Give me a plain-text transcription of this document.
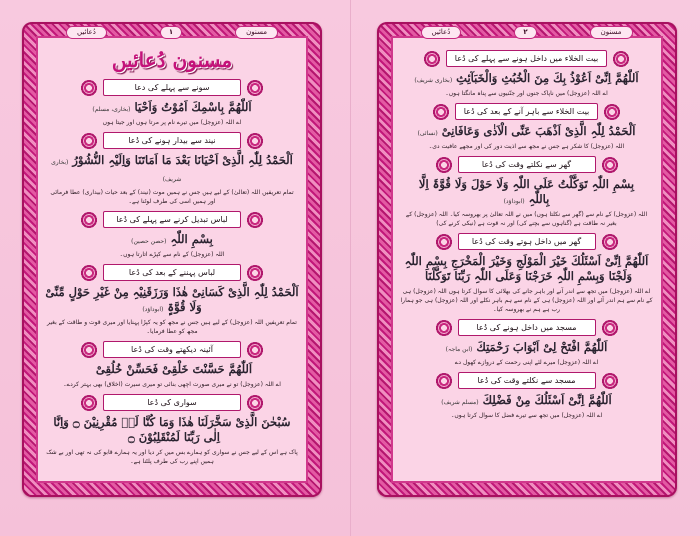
مسنون
۱
دُعائیں
مسنون دُعائیں
سونے سے پہلے کی دعا
اَللّٰھُمَّ بِاسْمِكَ اَمُوْتُ وَاَحْیَا(بخاری، مسلم)
اے اللہ (عزوجل) میں تیرے نام پر مرتا ہوں اور جیتا ہوں
نیند سے بیدار ہونے کی دُعا
اَلْحَمْدُ لِلّٰہِ الَّذِیْ اَحْیَانَا بَعْدَ مَا اَمَاتَنَا وَاِلَیْہِ النُّشُوْرُ(بخاری شریف)
تمام تعریفیں اللہ (تعالیٰ) کے لیے ہیں جس نے ہمیں موت (نیند) کے بعد حیات (بیداری) عطا فرمائی اور ہمیں اسی کی طرف لوٹنا ہے۔
لباس تبدیل کرنے سے پہلے کی دُعا
بِسْمِ اللّٰہِ(حصن حصین)
اللہ (عزوجل) کے نام سے کپڑے اتارتا ہوں۔
لباس پہننے کے بعد کی دُعا
اَلْحَمْدُ لِلّٰہِ الَّذِیْ کَسَانِیْ ھٰذَا وَرَزَقَنِیْہِ مِنْ غَیْرِ حَوْلٍ مِّنِّیْ وَلَا قُوَّۃٍ(ابوداؤد)
تمام تعریفیں اللہ (عزوجل) کے لیے ہیں جس نے مجھ کو یہ کپڑا پہنایا اور میری قوت و طاقت کے بغیر مجھ کو عطا فرمایا۔
آئینہ دیکھتے وقت کی دُعا
اَللّٰھُمَّ حَسَّنْتَ خَلْقِیْ فَحَسِّنْ خُلُقِیْ
اے اللہ (عزوجل) تو نے میری صورت اچھی بنائی تو میری سیرت (اخلاق) بھی بہتر کردے۔
سواری کی دُعا
سُبْحٰنَ الَّذِیْ سَخَّرَلَنَا ھٰذَا وَمَا کُنَّا لَہٗ مُقْرِنِیْنَ ۝ وَاِنَّا اِلٰی رَبِّنَا لَمُنْقَلِبُوْنَ ۝
پاک ہے اس کے لیے جس نے سواری کو ہمارے بس میں کر دیا اور یہ ہمارے قابو کی نہ تھی اور بے شک ہمیں اپنے رب کی طرف پلٹنا ہے۔
مسنون
۲
دُعائیں
بیت الخلاء میں داخل ہونے سے پہلے کی دُعا
اَللّٰھُمَّ اِنِّیْ اَعُوْذُ بِكَ مِنَ الْخُبُثِ وَالْخَبَآئِثِ(بخاری شریف)
اے اللہ (عزوجل) میں ناپاک جنوں اور جنّنیوں سے پناہ مانگتا ہوں۔
بیت الخلاء سے باہر آنے کے بعد کی دُعا
اَلْحَمْدُ لِلّٰہِ الَّذِیْ اَذْھَبَ عَنِّی الْاَذٰی وَعَافَانِیْ(نسائی)
اللہ (عزوجل) کا شکر ہے جس نے مجھ سے اذیت دور کی اور مجھے عافیت دی۔
گھر سے نکلتے وقت کی دُعا
بِسْمِ اللّٰہِ تَوَکَّلْتُ عَلَی اللّٰہِ وَلَا حَوْلَ وَلَا قُوَّۃَ اِلَّا بِاللّٰہِ(ابوداؤد)
اللہ (عزوجل) کے نام سے (گھر سے نکلتا ہوں) میں نے اللہ تعالیٰ پر بھروسہ کیا۔ اللہ (عزوجل) کے بغیر نہ طاقت ہے (گناہوں سے بچنے کی) اور نہ قوت ہے (نیکی کرنے کی)
گھر میں داخل ہوتے وقت کی دُعا
اَللّٰھُمَّ اِنِّیْ اَسْئَلُكَ خَیْرَ الْمَوْلَجِ وَخَیْرَ الْمَخْرَجِ بِسْمِ اللّٰہِ وَلَجْنَا وَبِسْمِ اللّٰہِ خَرَجْنَا وَعَلَی اللّٰہِ رَبِّنَا تَوَکَّلْنَا
اے اللہ (عزوجل) میں تجھ سے اندر آنے اور باہر جانے کی بھلائی کا سوال کرتا ہوں اللہ (عزوجل) ہی کے نام سے ہم اندر آئے اور اللہ (عزوجل) ہی کے نام سے ہم باہر نکلے اور اللہ (عزوجل) ہی جو ہمارا رب ہے ہم نے بھروسہ کیا۔
مسجد میں داخل ہونے کی دُعا
اَللّٰھُمَّ افْتَحْ لِیْ اَبْوَابَ رَحْمَتِكَ(ابن ماجہ)
اے اللہ (عزوجل) میرے لئے اپنی رحمت کے دروازے کھول دے
مسجد سے نکلتے وقت کی دُعا
اَللّٰھُمَّ اِنِّیْ اَسْئَلُكَ مِنْ فَضْلِكَ(مسلم شریف)
اے اللہ (عزوجل) میں تجھ سے تیرے فضل کا سوال کرتا ہوں۔
